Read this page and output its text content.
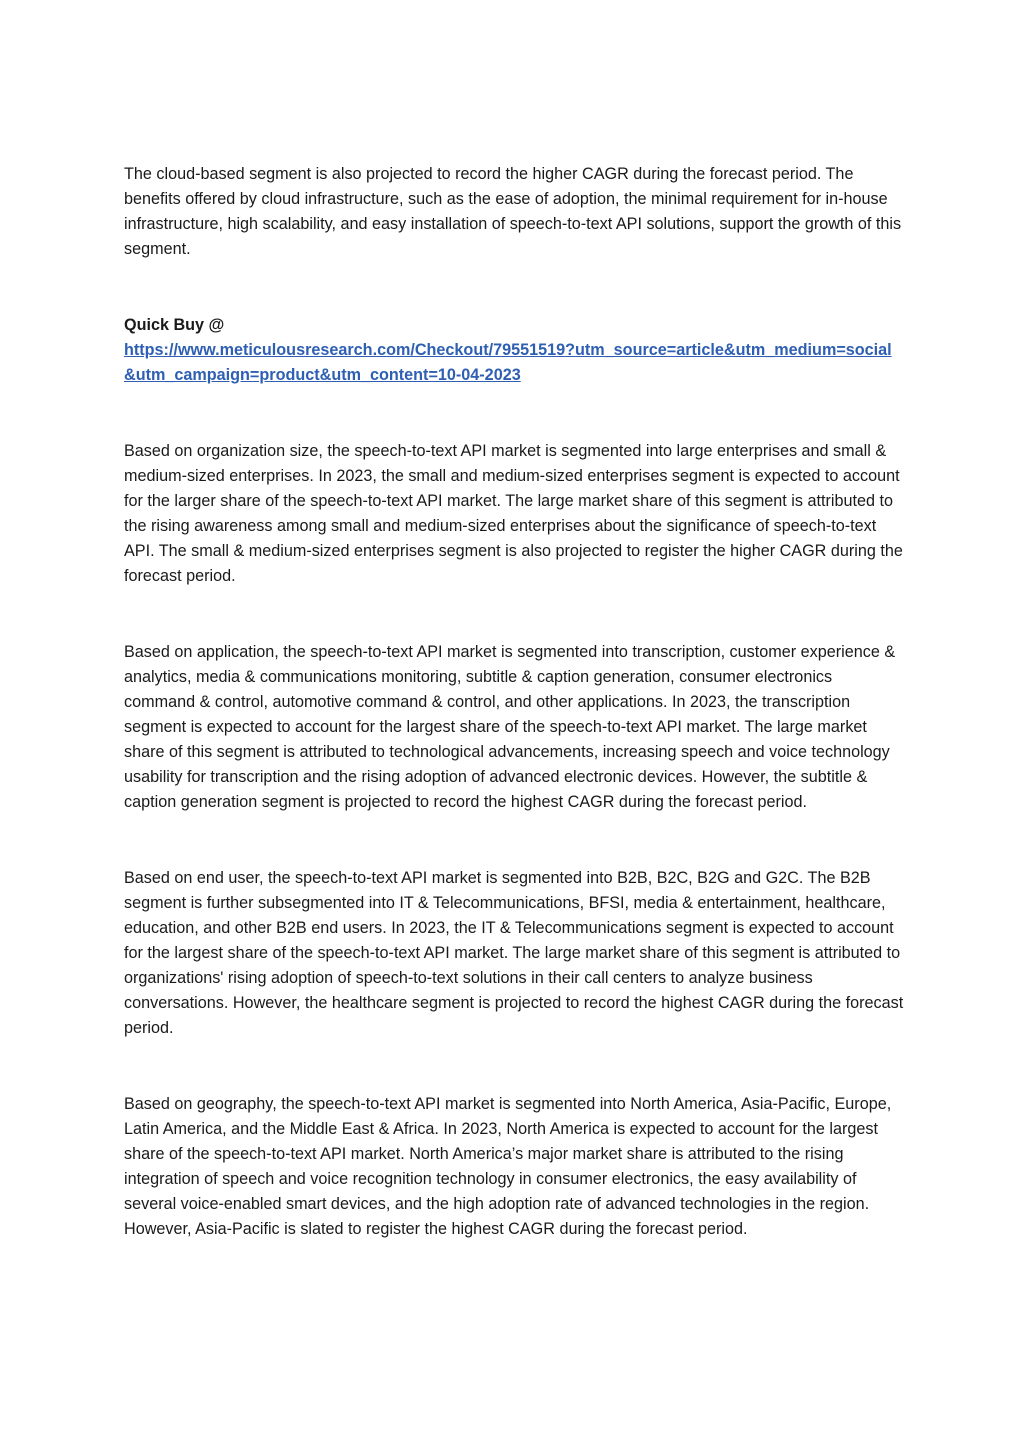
The cloud-based segment is also projected to record the higher CAGR during the forecast period. The benefits offered by cloud infrastructure, such as the ease of adoption, the minimal requirement for in-house infrastructure, high scalability, and easy installation of speech-to-text API solutions, support the growth of this segment.

Quick Buy @

https://www.meticulousresearch.com/Checkout/79551519?utm_source=article&utm_medium=social&utm_campaign=product&utm_content=10-04-2023

Based on organization size, the speech-to-text API market is segmented into large enterprises and small & medium-sized enterprises. In 2023, the small and medium-sized enterprises segment is expected to account for the larger share of the speech-to-text API market. The large market share of this segment is attributed to the rising awareness among small and medium-sized enterprises about the significance of speech-to-text API. The small & medium-sized enterprises segment is also projected to register the higher CAGR during the forecast period.

Based on application, the speech-to-text API market is segmented into transcription, customer experience & analytics, media & communications monitoring, subtitle & caption generation, consumer electronics command & control, automotive command & control, and other applications. In 2023, the transcription segment is expected to account for the largest share of the speech-to-text API market. The large market share of this segment is attributed to technological advancements, increasing speech and voice technology usability for transcription and the rising adoption of advanced electronic devices. However, the subtitle & caption generation segment is projected to record the highest CAGR during the forecast period.

Based on end user, the speech-to-text API market is segmented into B2B, B2C, B2G and G2C. The B2B segment is further subsegmented into IT & Telecommunications, BFSI, media & entertainment, healthcare, education, and other B2B end users. In 2023, the IT & Telecommunications segment is expected to account for the largest share of the speech-to-text API market. The large market share of this segment is attributed to organizations' rising adoption of speech-to-text solutions in their call centers to analyze business conversations. However, the healthcare segment is projected to record the highest CAGR during the forecast period.

Based on geography, the speech-to-text API market is segmented into North America, Asia-Pacific, Europe, Latin America, and the Middle East & Africa. In 2023, North America is expected to account for the largest share of the speech-to-text API market. North America’s major market share is attributed to the rising integration of speech and voice recognition technology in consumer electronics, the easy availability of several voice-enabled smart devices, and the high adoption rate of advanced technologies in the region. However, Asia-Pacific is slated to register the highest CAGR during the forecast period.
